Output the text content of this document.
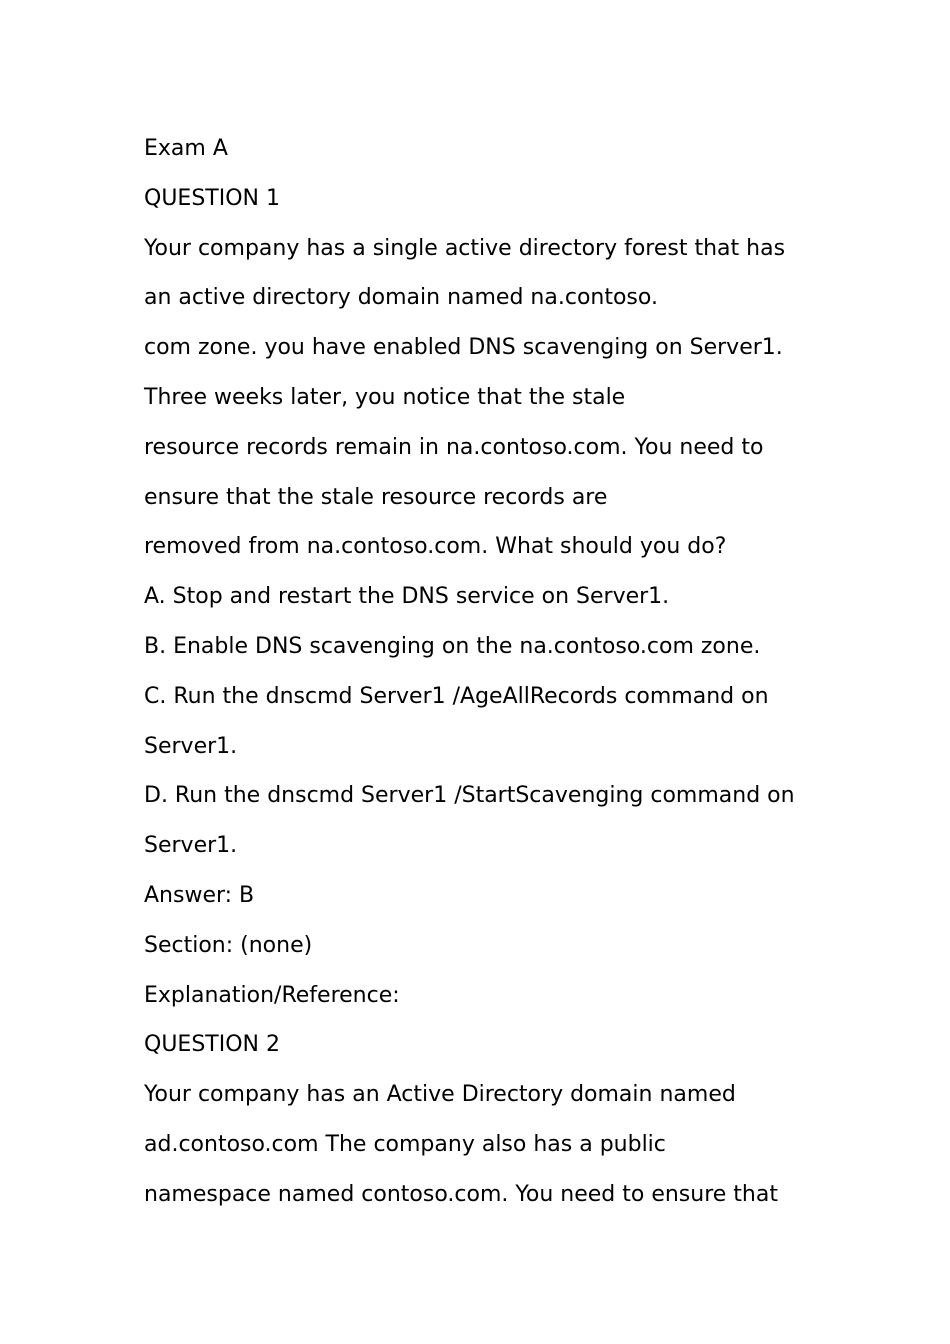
Exam A

QUESTION 1

Your company has a single active directory forest that has

an active directory domain named na.contoso.

com zone. you have enabled DNS scavenging on Server1.

Three weeks later, you notice that the stale

resource records remain in na.contoso.com. You need to

ensure that the stale resource records are

removed from na.contoso.com. What should you do?

A. Stop and restart the DNS service on Server1.

B. Enable DNS scavenging on the na.contoso.com zone.

C. Run the dnscmd Server1 /AgeAllRecords command on

Server1.

D. Run the dnscmd Server1 /StartScavenging command on

Server1.

Answer: B

Section: (none)

Explanation/Reference:

QUESTION 2

Your company has an Active Directory domain named

ad.contoso.com The company also has a public

namespace named contoso.com. You need to ensure that
